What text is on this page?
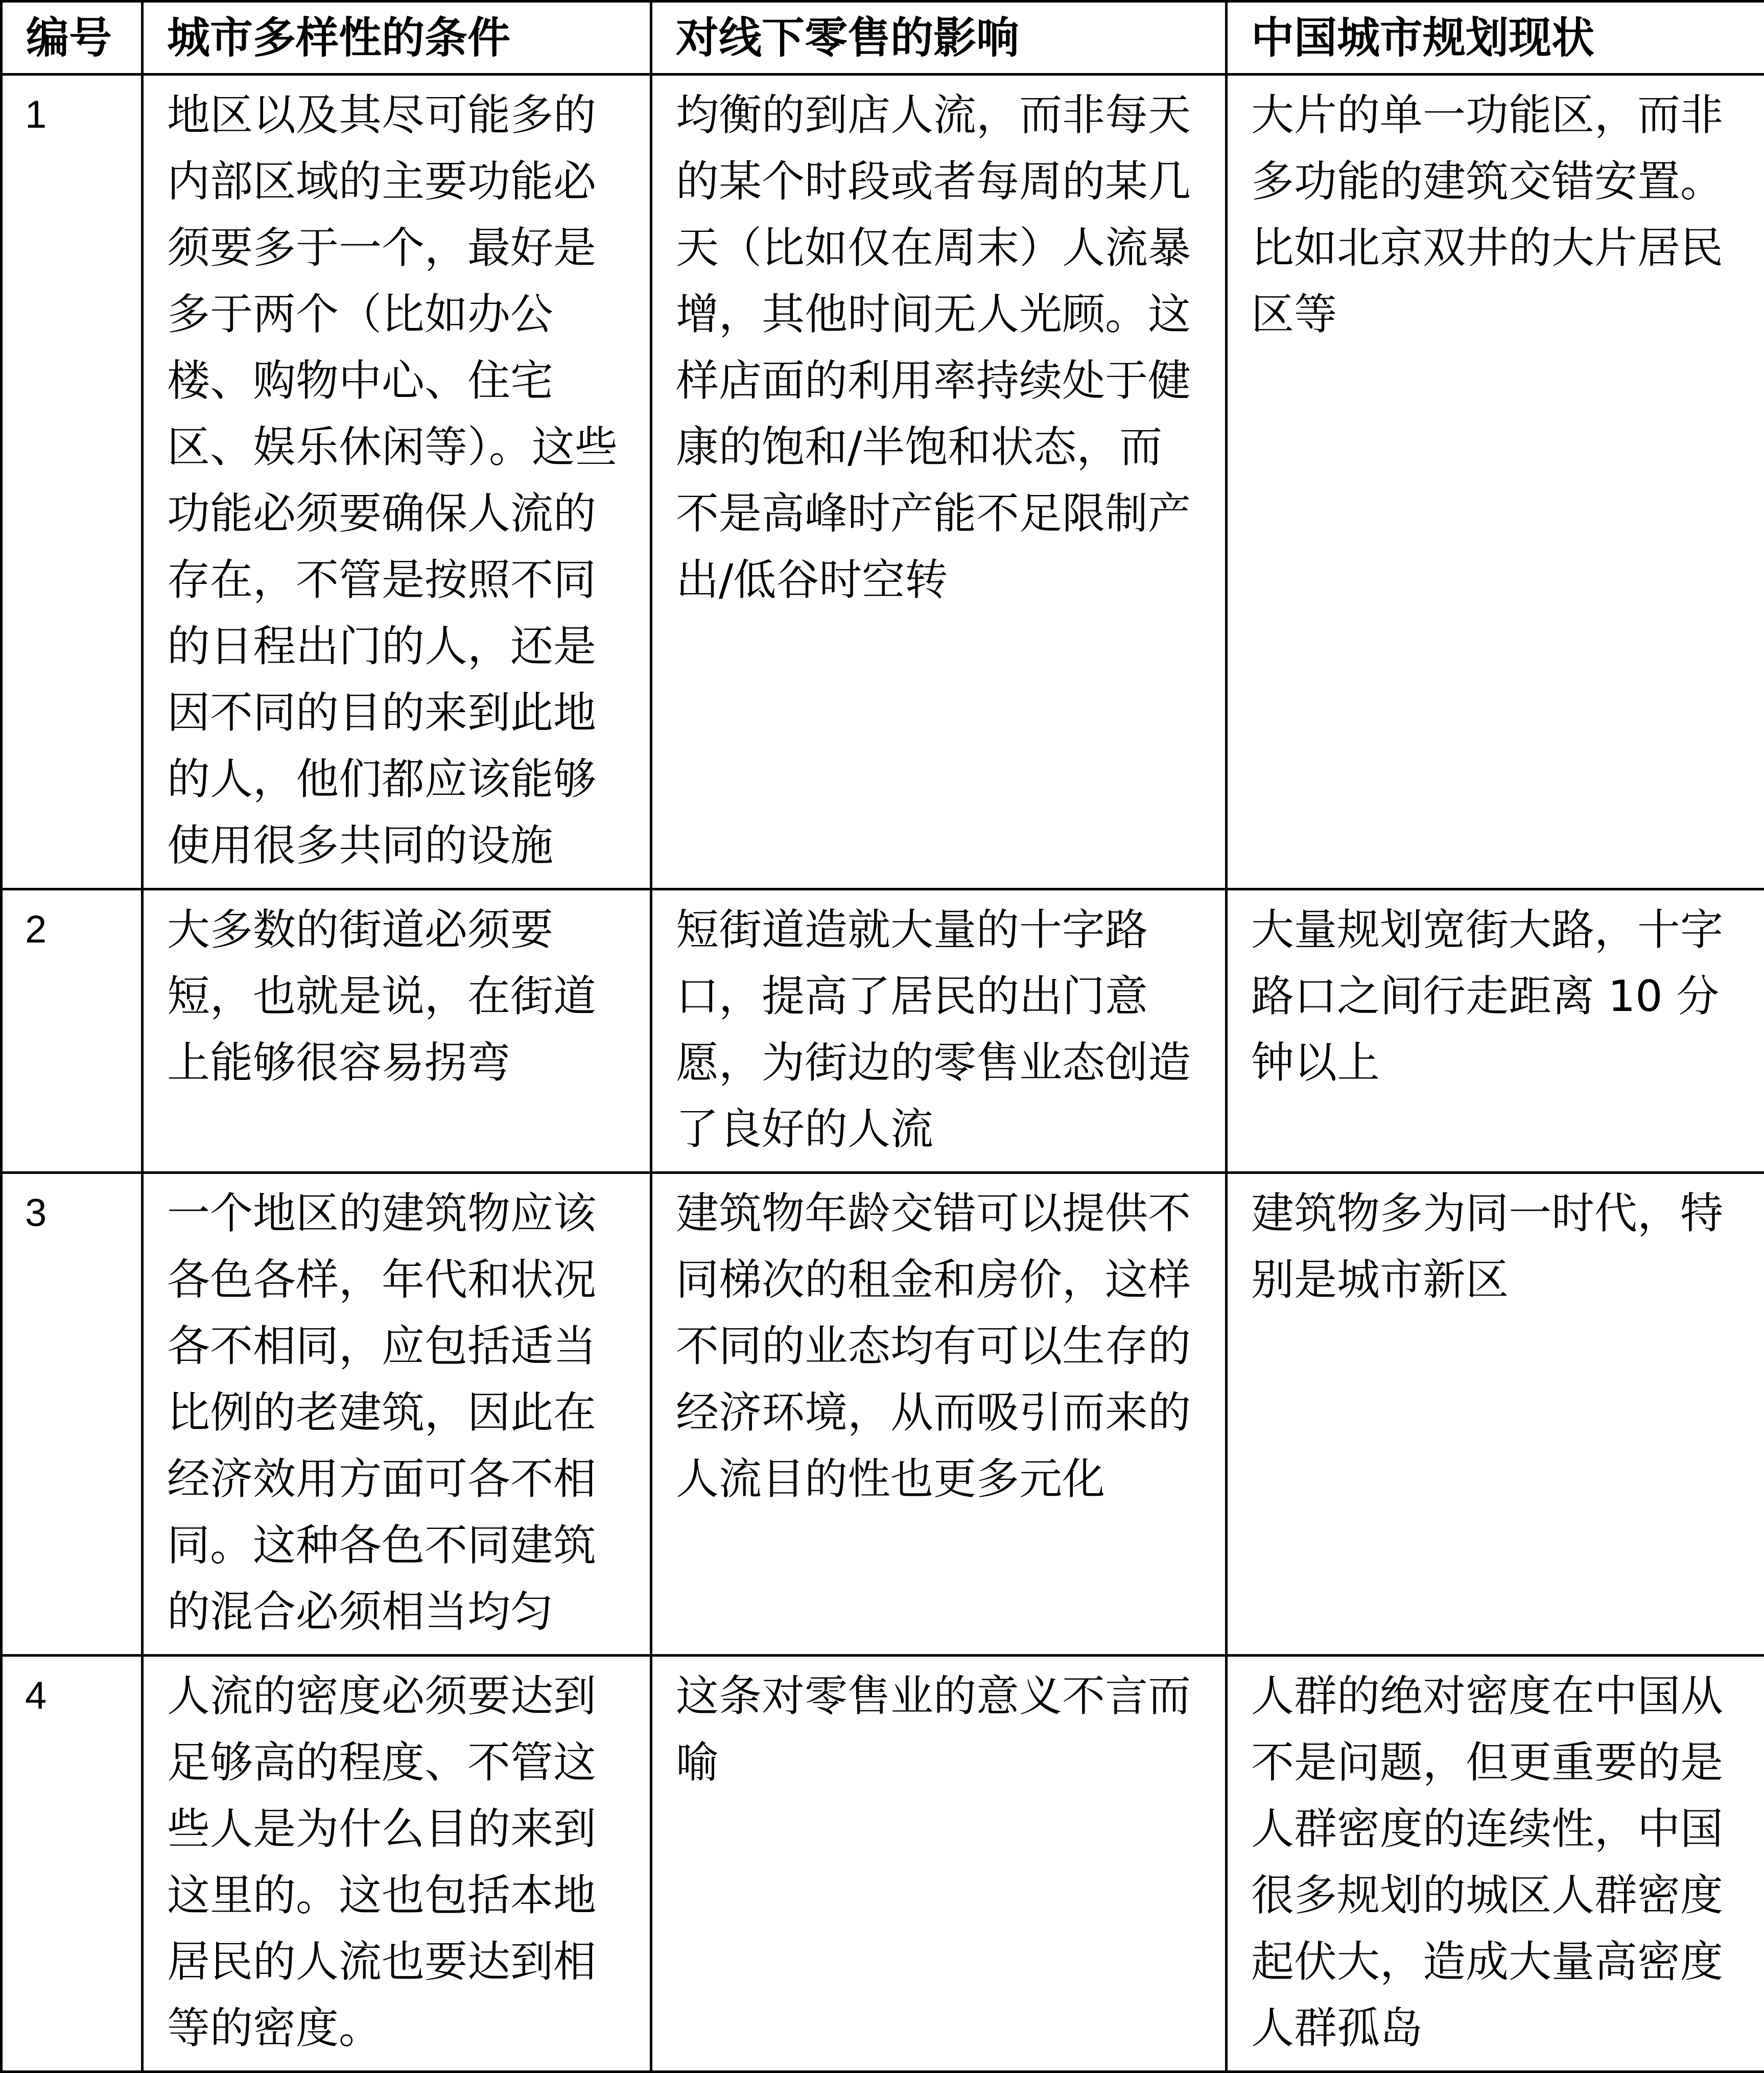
编号	城市多样性的条件	对线下零售的影响	中国城市规划现状
1	地区以及其尽可能多的内部区域的主要功能必须要多于一个，最好是多于两个（比如办公楼、购物中心、住宅区、娱乐休闲等）。这些功能必须要确保人流的存在，不管是按照不同的日程出门的人，还是因不同的目的来到此地的人，他们都应该能够使用很多共同的设施	均衡的到店人流，而非每天的某个时段或者每周的某几天（比如仅在周末）人流暴增，其他时间无人光顾。这样店面的利用率持续处于健康的饱和/半饱和状态，而不是高峰时产能不足限制产出/低谷时空转	大片的单一功能区，而非多功能的建筑交错安置。比如北京双井的大片居民区等
2	大多数的街道必须要短，也就是说，在街道上能够很容易拐弯	短街道造就大量的十字路口，提高了居民的出门意愿，为街边的零售业态创造了良好的人流	大量规划宽街大路，十字路口之间行走距离 10 分钟以上
3	一个地区的建筑物应该各色各样，年代和状况各不相同，应包括适当比例的老建筑，因此在经济效用方面可各不相同。这种各色不同建筑的混合必须相当均匀	建筑物年龄交错可以提供不同梯次的租金和房价，这样不同的业态均有可以生存的经济环境，从而吸引而来的人流目的性也更多元化	建筑物多为同一时代，特别是城市新区
4	人流的密度必须要达到足够高的程度、不管这些人是为什么目的来到这里的。这也包括本地居民的人流也要达到相等的密度。	这条对零售业的意义不言而喻	人群的绝对密度在中国从不是问题，但更重要的是人群密度的连续性，中国很多规划的城区人群密度起伏大，造成大量高密度人群孤岛
